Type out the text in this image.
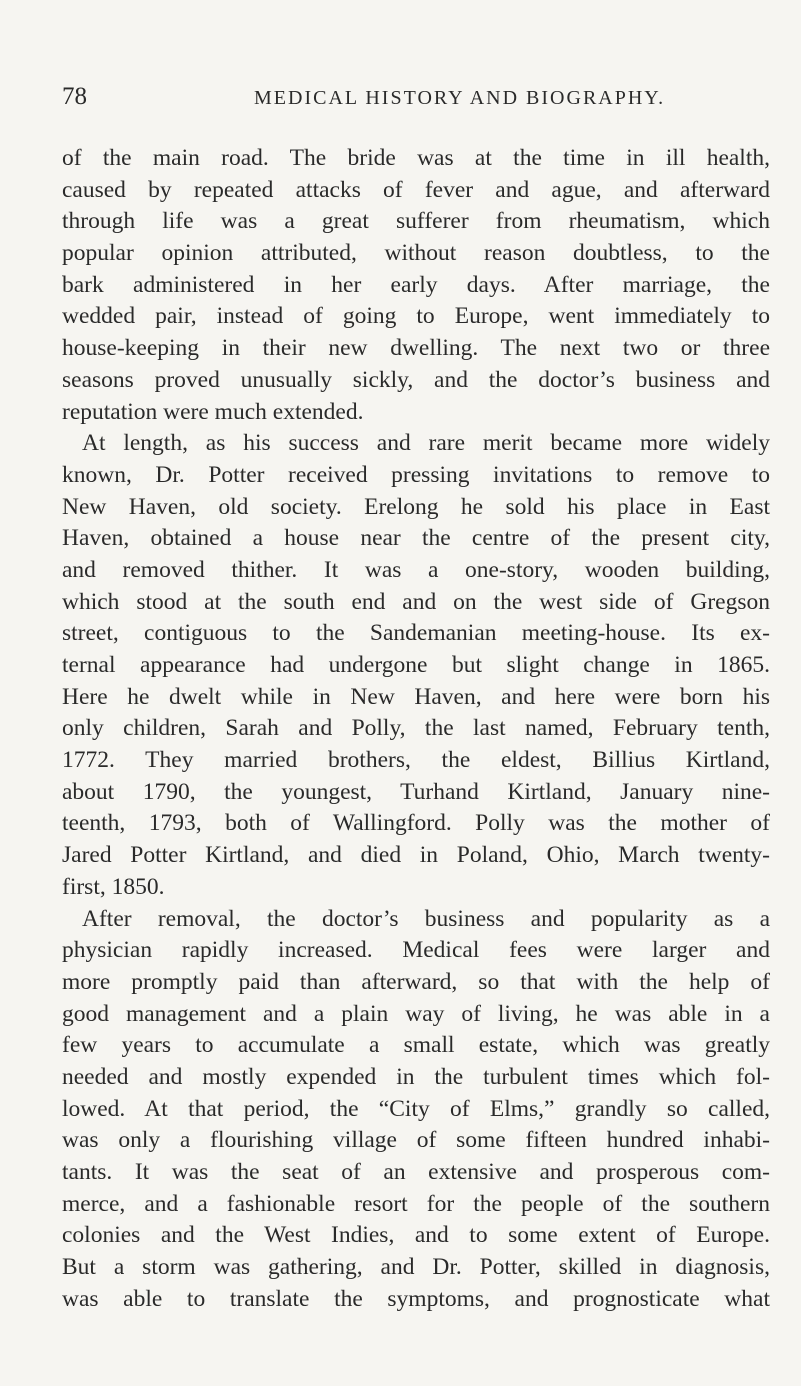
78	MEDICAL HISTORY AND BIOGRAPHY.
of the main road. The bride was at the time in ill health,
caused by repeated attacks of fever and ague, and afterward
through life was a great sufferer from rheumatism, which
popular opinion attributed, without reason doubtless, to the
bark administered in her early days. After marriage, the
wedded pair, instead of going to Europe, went immediately to
house-keeping in their new dwelling. The next two or three
seasons proved unusually sickly, and the doctor’s business and
reputation were much extended.
At length, as his success and rare merit became more widely
known, Dr. Potter received pressing invitations to remove to
New Haven, old society. Erelong he sold his place in East
Haven, obtained a house near the centre of the present city,
and removed thither. It was a one-story, wooden building,
which stood at the south end and on the west side of Gregson
street, contiguous to the Sandemanian meeting-house. Its ex-
ternal appearance had undergone but slight change in 1865.
Here he dwelt while in New Haven, and here were born his
only children, Sarah and Polly, the last named, February tenth,
1772. They married brothers, the eldest, Billius Kirtland,
about 1790, the youngest, Turhand Kirtland, January nine-
teenth, 1793, both of Wallingford. Polly was the mother of
Jared Potter Kirtland, and died in Poland, Ohio, March twenty-
first, 1850.
After removal, the doctor’s business and popularity as a
physician rapidly increased. Medical fees were larger and
more promptly paid than afterward, so that with the help of
good management and a plain way of living, he was able in a
few years to accumulate a small estate, which was greatly
needed and mostly expended in the turbulent times which fol-
lowed. At that period, the “City of Elms,” grandly so called,
was only a flourishing village of some fifteen hundred inhabi-
tants. It was the seat of an extensive and prosperous com-
merce, and a fashionable resort for the people of the southern
colonies and the West Indies, and to some extent of Europe.
But a storm was gathering, and Dr. Potter, skilled in diagnosis,
was able to translate the symptoms, and prognosticate what
